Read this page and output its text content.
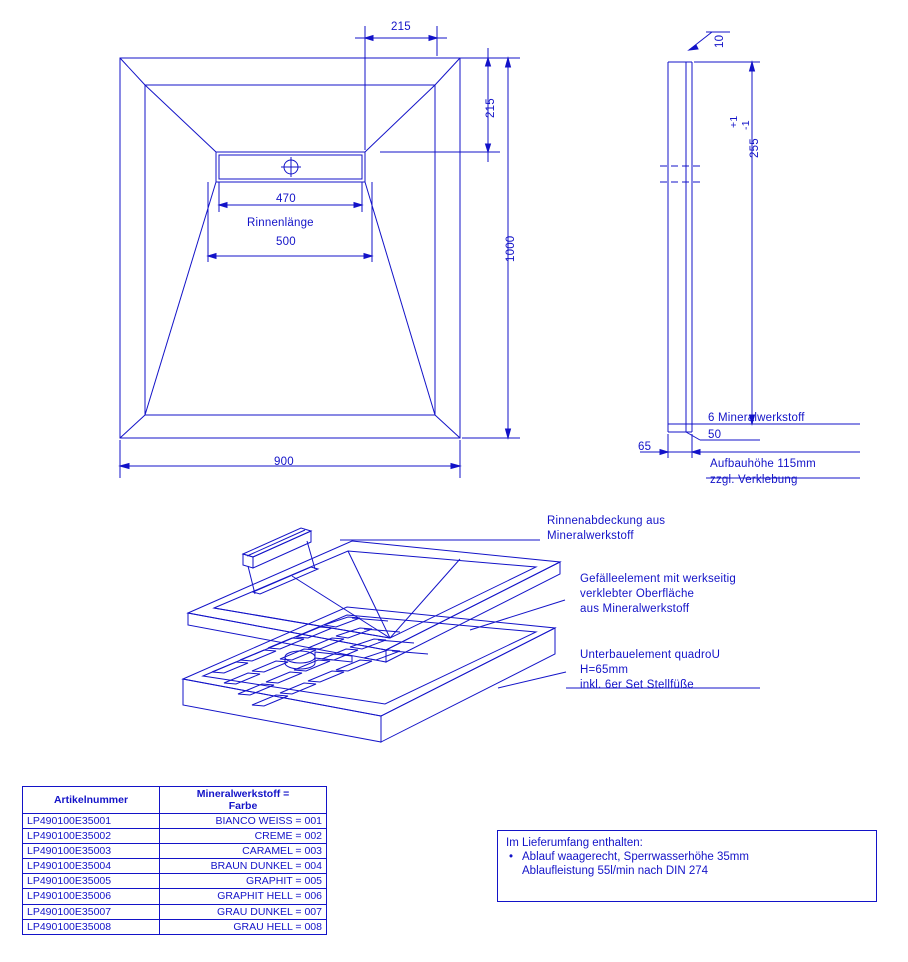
215
215
1000
900
470
Rinnenlänge
500
10
+1 -1
255
6 Mineralwerkstoff
50
65
Aufbauhöhe 115mm
zzgl. Verklebung
Rinnenabdeckung aus
Mineralwerkstoff
Gefälleelement mit werkseitig
verklebter Oberfläche
aus Mineralwerkstoff
Unterbauelement quadroU
H=65mm
inkl. 6er Set Stellfüße
Artikelnummer	Mineralwerkstoff =
Farbe

LP490100E35001	BIANCO WEISS = 001
LP490100E35002	CREME = 002
LP490100E35003	CARAMEL = 003
LP490100E35004	BRAUN DUNKEL = 004
LP490100E35005	GRAPHIT = 005
LP490100E35006	GRAPHIT HELL = 006
LP490100E35007	GRAU DUNKEL = 007
LP490100E35008	GRAU HELL = 008
Im Lieferumfang enthalten:
• Ablauf waagerecht, Sperrwasserhöhe 35mm
Ablaufleistung 55l/min nach DIN 274
